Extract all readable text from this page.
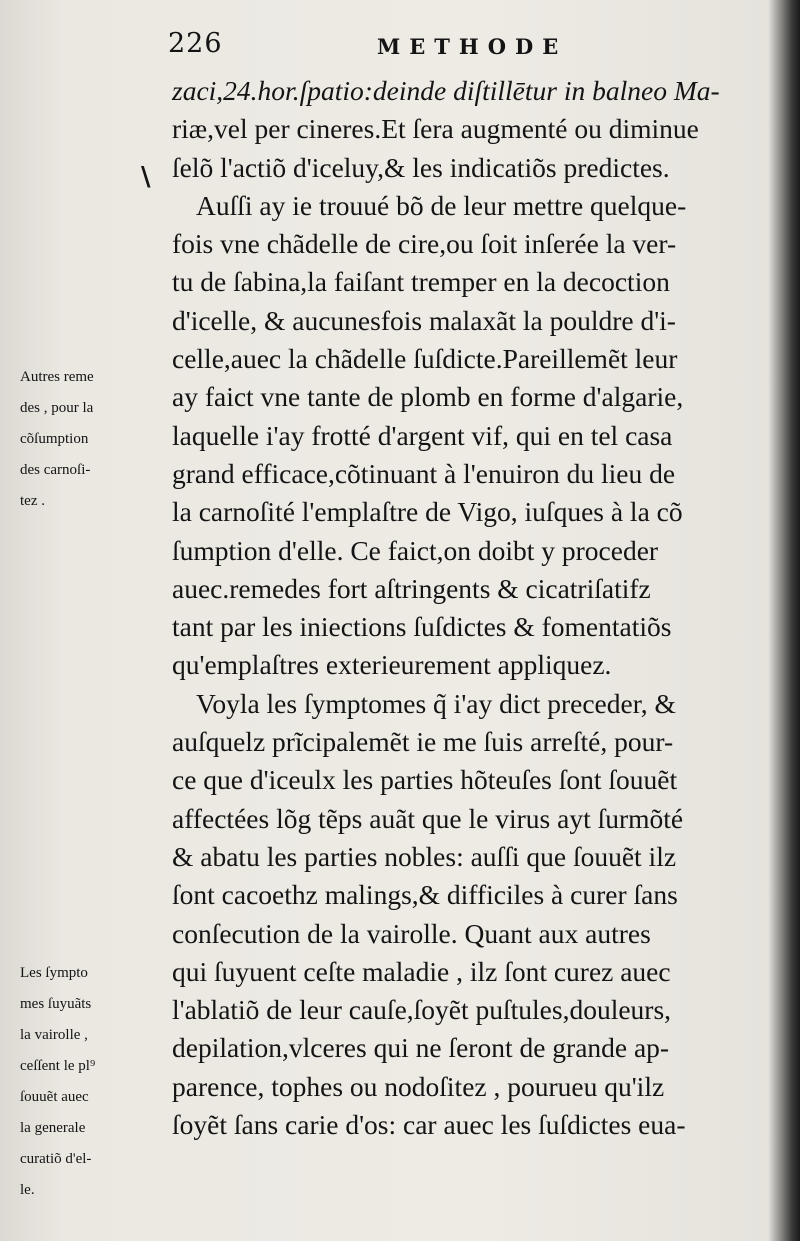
226	METHODE
\
zaci,24.hor.ſpatio:deinde diſtillētur in balneo Ma-
riæ,vel per cineres.Et ſera augmenté ou diminue
ſelõ l'actiõ d'iceluy,& les indicatiõs predictes.
Auſſi ay ie trouué bõ de leur mettre quelque-
fois vne chãdelle de cire,ou ſoit inſerée la ver-
tu de ſabina,la faiſant tremper en la decoction
d'icelle, & aucunesfois malaxãt la pouldre d'i-
celle,auec la chãdelle ſuſdicte.Pareillemẽt leur
ay faict vne tante de plomb en forme d'algarie,
laquelle i'ay frotté d'argent vif, qui en tel casa
grand efficace,cõtinuant à l'enuiron du lieu de
la carnoſité l'emplaſtre de Vigo, iuſques à la cõ
ſumption d'elle. Ce faict,on doibt y proceder
auec.remedes fort aſtringents & cicatriſatifz
tant par les iniections ſuſdictes & fomentatiõs
qu'emplaſtres exterieurement appliquez.
Voyla les ſymptomes q̃ i'ay dict preceder, &
auſquelz prĩcipalemẽt ie me ſuis arreſté, pour-
ce que d'iceulx les parties hõteuſes ſont ſouuẽt
affectées lõg tẽps auãt que le virus ayt ſurmõté
& abatu les parties nobles: auſſi que ſouuẽt ilz
ſont cacoethz malings,& difficiles à curer ſans
conſecution de la vairolle. Quant aux autres
qui ſuyuent ceſte maladie , ilz ſont curez auec
l'ablatiõ de leur cauſe,ſoyẽt puſtules,douleurs,
depilation,vlceres qui ne ſeront de grande ap-
parence, tophes ou nodoſitez , pourueu qu'ilz
ſoyẽt ſans carie d'os: car auec les ſuſdictes eua-
Autres reme
des , pour la
cõſumption
des carnoſi-
tez .
Les ſympto
mes ſuyuãts
la vairolle ,
ceſſent le pl⁹
ſouuẽt auec
la generale
curatiõ d'el-
le.
